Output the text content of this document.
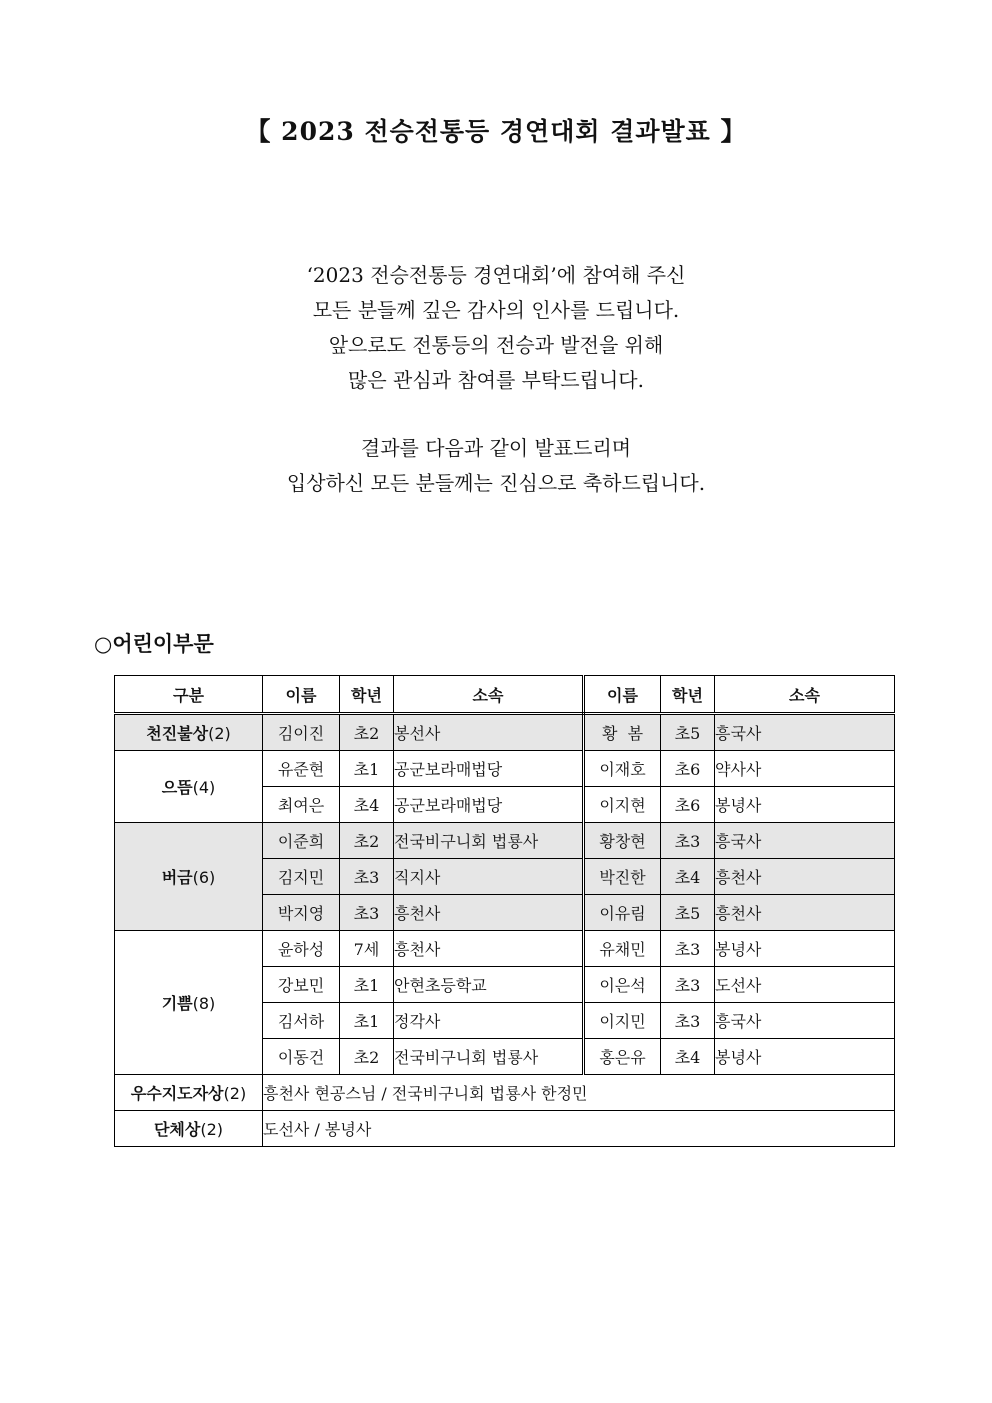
【 2023 전승전통등 경연대회 결과발표 】

‘2023 전승전통등 경연대회’에 참여해 주신

모든 분들께 깊은 감사의 인사를 드립니다.

앞으로도 전통등의 전승과 발전을 위해

많은 관심과 참여를 부탁드립니다.

결과를 다음과 같이 발표드리며

입상하신 모든 분들께는 진심으로 축하드립니다.

○어린이부문
구분	이름	학년	소속	이름	학년	소속
천진불상(2)	김이진	초2	봉선사	황  봄	초5	흥국사
으뜸(4)	유준현	초1	공군보라매법당	이재호	초6	약사사
	최여은	초4	공군보라매법당	이지현	초6	봉녕사
버금(6)	이준희	초2	전국비구니회 법룡사	황창현	초3	흥국사
	김지민	초3	직지사	박진한	초4	흥천사
	박지영	초3	흥천사	이유림	초5	흥천사
기쁨(8)	윤하성	7세	흥천사	유채민	초3	봉녕사
	강보민	초1	안현초등학교	이은석	초3	도선사
	김서하	초1	정각사	이지민	초3	흥국사
	이동건	초2	전국비구니회 법룡사	홍은유	초4	봉녕사
우수지도자상(2)	흥천사 현공스님 / 전국비구니회 법룡사 한정민					
단체상(2)	도선사 / 봉녕사					
